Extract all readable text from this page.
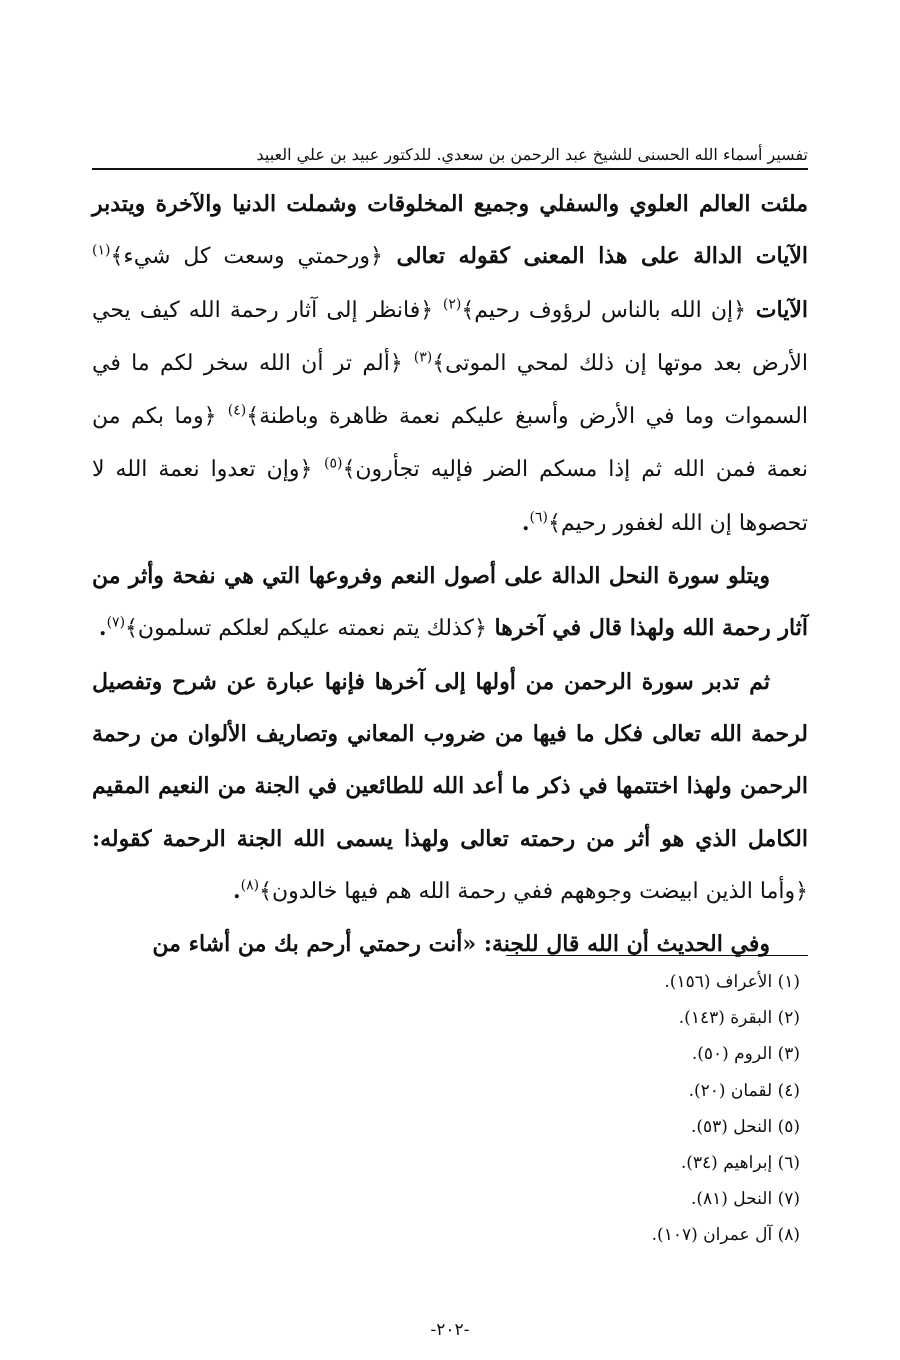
تفسير أسماء الله الحسنى للشيخ عبد الرحمن بن سعدي. للدكتور عبيد بن علي العبيد

ملئت العالم العلوي والسفلي وجميع المخلوقات وشملت الدنيا والآخرة ويتدبر الآيات الدالة على هذا المعنى كقوله تعالى ﴿ورحمتي وسعت كل شيء﴾$^{(١)}$ الآيات ﴿إن الله بالناس لرؤوف رحيم﴾$^{(٢)}$ ﴿فانظر إلى آثار رحمة الله كيف يحي الأرض بعد موتها إن ذلك لمحي الموتى﴾$^{(٣)}$ ﴿ألم تر أن الله سخر لكم ما في السموات وما في الأرض وأسبغ عليكم نعمة ظاهرة وباطنة﴾$^{(٤)}$ ﴿وما بكم من نعمة فمن الله ثم إذا مسكم الضر فإليه تجأرون﴾$^{(٥)}$ ﴿وإن تعدوا نعمة الله لا تحصوها إن الله لغفور رحيم﴾$^{(٦)}$.

ويتلو سورة النحل الدالة على أصول النعم وفروعها التي هي نفحة وأثر من آثار رحمة الله ولهذا قال في آخرها ﴿كذلك يتم نعمته عليكم لعلكم تسلمون﴾$^{(٧)}$.

ثم تدبر سورة الرحمن من أولها إلى آخرها فإنها عبارة عن شرح وتفصيل لرحمة الله تعالى فكل ما فيها من ضروب المعاني وتصاريف الألوان من رحمة الرحمن ولهذا اختتمها في ذكر ما أعد الله للطائعين في الجنة من النعيم المقيم الكامل الذي هو أثر من رحمته تعالى ولهذا يسمى الله الجنة الرحمة كقوله: ﴿وأما الذين ابيضت وجوههم ففي رحمة الله هم فيها خالدون﴾$^{(٨)}$.

وفي الحديث أن الله قال للجنة: «أنت رحمتي أرحم بك من أشاء من

(١) الأعراف (١٥٦).
(٢) البقرة (١٤٣).
(٣) الروم (٥٠).
(٤) لقمان (٢٠).
(٥) النحل (٥٣).
(٦) إبراهيم (٣٤).
(٧) النحل (٨١).
(٨) آل عمران (١٠٧).
-٢٠٢-
